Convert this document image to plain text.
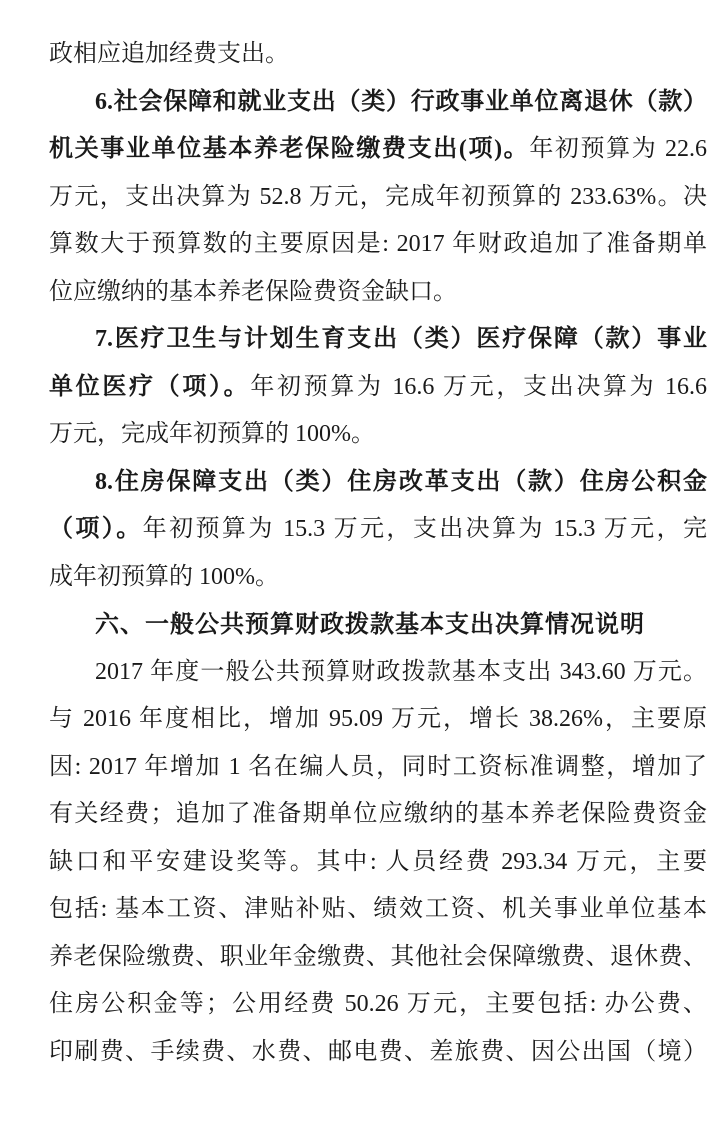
政相应追加经费支出。
6.社会保障和就业支出（类）行政事业单位离退休（款）
机关事业单位基本养老保险缴费支出(项)。年初预算为 22.6
万元，支出决算为 52.8 万元，完成年初预算的 233.63%。决
算数大于预算数的主要原因是: 2017 年财政追加了准备期单
位应缴纳的基本养老保险费资金缺口。
7.医疗卫生与计划生育支出（类）医疗保障（款）事业
单位医疗（项）。年初预算为 16.6 万元，支出决算为 16.6
万元，完成年初预算的 100%。
8.住房保障支出（类）住房改革支出（款）住房公积金
（项）。年初预算为 15.3 万元，支出决算为 15.3 万元，完
成年初预算的 100%。
六、一般公共预算财政拨款基本支出决算情况说明
2017 年度一般公共预算财政拨款基本支出 343.60 万元。
与 2016 年度相比，增加 95.09 万元，增长 38.26%，主要原
因: 2017 年增加 1 名在编人员，同时工资标准调整，增加了
有关经费；追加了准备期单位应缴纳的基本养老保险费资金
缺口和平安建设奖等。其中: 人员经费 293.34 万元，主要
包括: 基本工资、津贴补贴、绩效工资、机关事业单位基本
养老保险缴费、职业年金缴费、其他社会保障缴费、退休费、
住房公积金等；公用经费 50.26 万元，主要包括: 办公费、
印刷费、手续费、水费、邮电费、差旅费、因公出国（境）
